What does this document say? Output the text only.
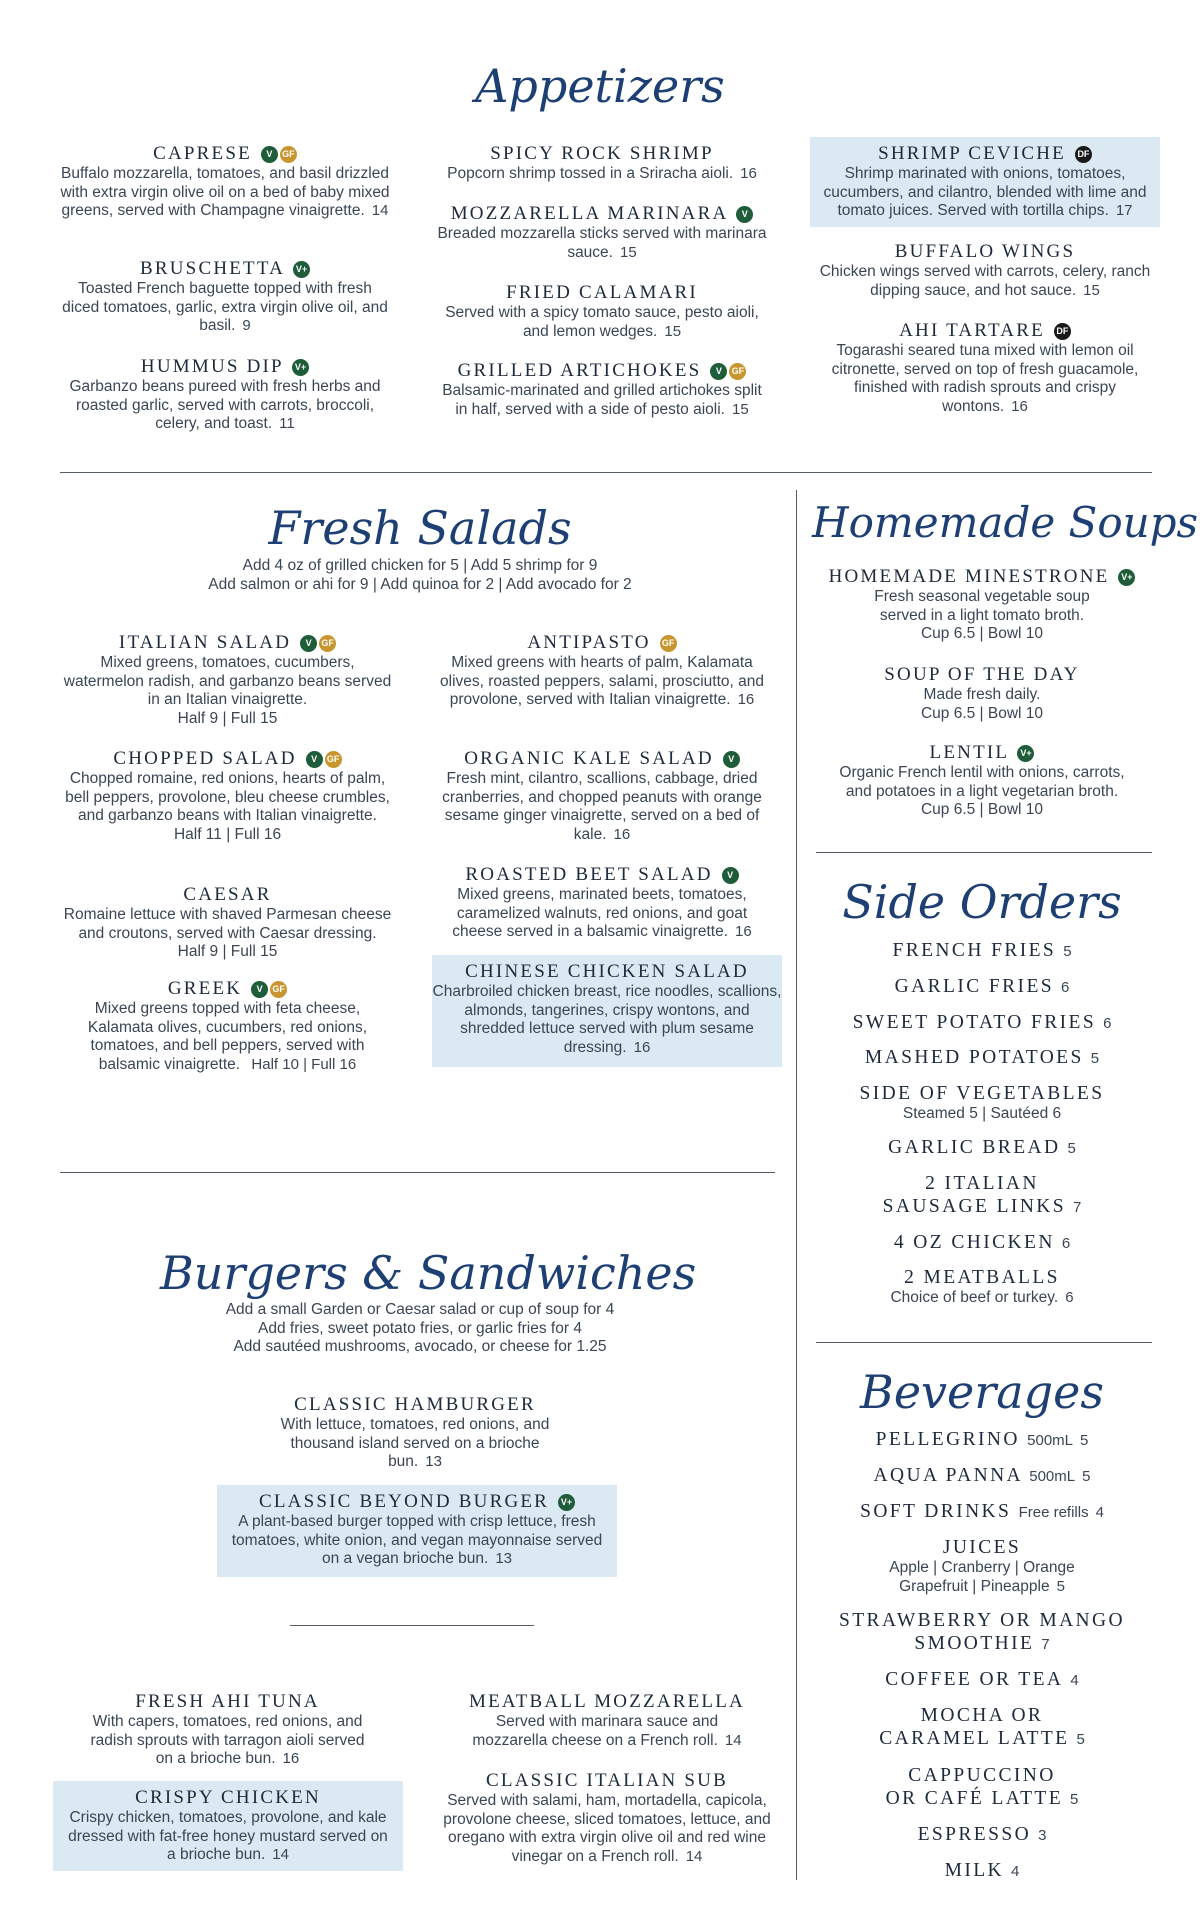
Appetizers
CAPRESE V GF
Buffalo mozzarella, tomatoes, and basil drizzled with extra virgin olive oil on a bed of baby mixed greens, served with Champagne vinaigrette. 14
BRUSCHETTA V+
Toasted French baguette topped with fresh diced tomatoes, garlic, extra virgin olive oil, and basil. 9
HUMMUS DIP V+
Garbanzo beans pureed with fresh herbs and roasted garlic, served with carrots, broccoli, celery, and toast. 11
SPICY ROCK SHRIMP
Popcorn shrimp tossed in a Sriracha aioli. 16
MOZZARELLA MARINARA V
Breaded mozzarella sticks served with marinara sauce. 15
FRIED CALAMARI
Served with a spicy tomato sauce, pesto aioli, and lemon wedges. 15
GRILLED ARTICHOKES V GF
Balsamic-marinated and grilled artichokes split in half, served with a side of pesto aioli. 15
SHRIMP CEVICHE DF
Shrimp marinated with onions, tomatoes, cucumbers, and cilantro, blended with lime and tomato juices. Served with tortilla chips. 17
BUFFALO WINGS
Chicken wings served with carrots, celery, ranch dipping sauce, and hot sauce. 15
AHI TARTARE DF
Togarashi seared tuna mixed with lemon oil citronette, served on top of fresh guacamole, finished with radish sprouts and crispy wontons. 16
Fresh Salads
Add 4 oz of grilled chicken for 5 | Add 5 shrimp for 9
Add salmon or ahi for 9 | Add quinoa for 2 | Add avocado for 2
ITALIAN SALAD V GF
Mixed greens, tomatoes, cucumbers, watermelon radish, and garbanzo beans served in an Italian vinaigrette.
Half 9 | Full 15
CHOPPED SALAD V GF
Chopped romaine, red onions, hearts of palm, bell peppers, provolone, bleu cheese crumbles, and garbanzo beans with Italian vinaigrette.
Half 11 | Full 16
CAESAR
Romaine lettuce with shaved Parmesan cheese and croutons, served with Caesar dressing.
Half 9 | Full 15
GREEK V GF
Mixed greens topped with feta cheese, Kalamata olives, cucumbers, red onions, tomatoes, and bell peppers, served with balsamic vinaigrette. Half 10 | Full 16
ANTIPASTO GF
Mixed greens with hearts of palm, Kalamata olives, roasted peppers, salami, prosciutto, and provolone, served with Italian vinaigrette. 16
ORGANIC KALE SALAD V
Fresh mint, cilantro, scallions, cabbage, dried cranberries, and chopped peanuts with orange sesame ginger vinaigrette, served on a bed of kale. 16
ROASTED BEET SALAD V
Mixed greens, marinated beets, tomatoes, caramelized walnuts, red onions, and goat cheese served in a balsamic vinaigrette. 16
CHINESE CHICKEN SALAD
Charbroiled chicken breast, rice noodles, scallions, almonds, tangerines, crispy wontons, and shredded lettuce served with plum sesame dressing. 16
Homemade Soups
HOMEMADE MINESTRONE V+
Fresh seasonal vegetable soup served in a light tomato broth.
Cup 6.5 | Bowl 10
SOUP OF THE DAY
Made fresh daily.
Cup 6.5 | Bowl 10
LENTIL V+
Organic French lentil with onions, carrots, and potatoes in a light vegetarian broth.
Cup 6.5 | Bowl 10
Side Orders
FRENCH FRIES 5
GARLIC FRIES 6
SWEET POTATO FRIES 6
MASHED POTATOES 5
SIDE OF VEGETABLES
Steamed 5 | Sautéed 6
GARLIC BREAD 5
2 ITALIAN
SAUSAGE LINKS 7
4 OZ CHICKEN 6
2 MEATBALLS
Choice of beef or turkey. 6
Burgers & Sandwiches
Add a small Garden or Caesar salad or cup of soup for 4
Add fries, sweet potato fries, or garlic fries for 4
Add sautéed mushrooms, avocado, or cheese for 1.25
CLASSIC HAMBURGER
With lettuce, tomatoes, red onions, and thousand island served on a brioche bun. 13
CLASSIC BEYOND BURGER V+
A plant-based burger topped with crisp lettuce, fresh tomatoes, white onion, and vegan mayonnaise served on a vegan brioche bun. 13
FRESH AHI TUNA
With capers, tomatoes, red onions, and radish sprouts with tarragon aioli served on a brioche bun. 16
CRISPY CHICKEN
Crispy chicken, tomatoes, provolone, and kale dressed with fat-free honey mustard served on a brioche bun. 14
MEATBALL MOZZARELLA
Served with marinara sauce and mozzarella cheese on a French roll. 14
CLASSIC ITALIAN SUB
Served with salami, ham, mortadella, capicola, provolone cheese, sliced tomatoes, lettuce, and oregano with extra virgin olive oil and red wine vinegar on a French roll. 14
Beverages
PELLEGRINO 500mL 5
AQUA PANNA 500mL 5
SOFT DRINKS Free refills 4
JUICES
Apple | Cranberry | Orange
Grapefruit | Pineapple 5
STRAWBERRY OR MANGO
SMOOTHIE 7
COFFEE OR TEA 4
MOCHA OR
CARAMEL LATTE 5
CAPPUCCINO
OR CAFÉ LATTE 5
ESPRESSO 3
MILK 4
